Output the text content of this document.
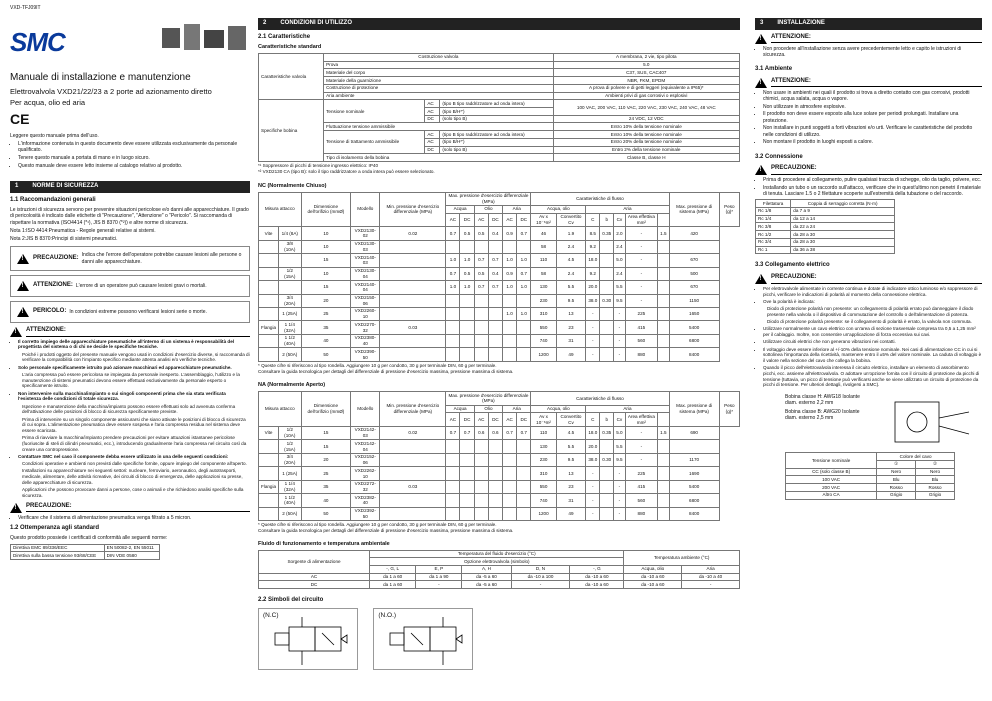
VXD-TFJ09IT
SMC
Manuale di installazione e manutenzione
Elettrovalvola VXD21/22/23 a 2 porte ad azionamento diretto
Per acqua, olio ed aria
CE

Leggere questo manuale prima dell'uso.

• L'informazione contenuta in questo documento deve essere utilizzata esclusivamente da personale qualificato.
• Tenere questo manuale a portata di mano e in luogo sicuro.
• Questo manuale deve essere letto insieme al catalogo relativo al prodotto.
1 NORME DI SICUREZZA
1.1 Raccomandazioni generali

Le istruzioni di sicurezza servono per prevenire situazioni pericolose e/o danni alle apparecchiature. Il grado di pericolosità è indicato dalle etichette di "Precauzione", "Attenzione" o "Pericolo". Si raccomanda di rispettare la normativa (ISO4414 (*¹), JIS B 8370 (*²)) e altre norme di sicurezza.

Nota 1:ISO 4414:Pneumatica - Regole generali relative ai sistemi.

Nota 2:JIS B 8370:Principi di sistemi pneumatici.

!
PRECAUZIONE: Indica che l'errore dell'operatore potrebbe causare lesioni alle persone o danni alle apparecchiature.
!
ATTENZIONE: L'errore di un operatore può causare lesioni gravi o mortali.
!
PERICOLO: In condizioni estreme possono verificarsi lesioni serie o morte.
!
ATTENZIONE:
• Il corretto impiego delle apparecchiature pneumatiche all'interno di un sistema è responsabilità del progettista del sistema o di chi ne decide le specifiche tecniche.
Poiché i prodotti oggetto del presente manuale vengono usati in condizioni d'esercizio diverse, si raccomanda di verificare la compatibilità con l'impianto specifico mediante attenta analisi e/o verifiche tecniche.
• Solo personale specificamente istruito può azionare macchinari ed apparecchiature pneumatiche.
L'aria compressa può essere pericolosa se impiegata da personale inesperto. L'assemblaggio, l'utilizzo e la manutenzione di sistemi pneumatici devono essere effettuati esclusivamente da personale esperto o specificamente istruito.
• Non intervenire sulla macchina/impianto o sui singoli componenti prima che sia stata verificata l'esistenza delle condizioni di totale sicurezza.
Ispezione e manutenzione della macchina/impianto possono essere effettuati solo ad avvenuta conferma dell'attivazione delle posizioni di blocco di sicurezza specificamente previste.
Prima di intervenire su un singolo componente assicurarsi che siano attivate le posizioni di blocco di sicurezza di cui sopra. L'alimentazione pneumatica deve essere sospesa e l'aria compressa residua nel sistema deve essere scaricata.
Prima di riavviare la macchina/impianto prendere precauzioni per evitare attuazioni istantanee pericolose (fuoriuscite di steli di cilindri pneumatici, ecc.), introducendo gradualmente l'aria compressa nel circuito così da creare una contropressione.
• Contattare SMC nel caso il componente debba essere utilizzato in una delle seguenti condizioni:
Condizioni operative e ambienti non previsti dalle specifiche fornite, oppure impiego del componente all'aperto.
Installazioni su apparecchiature nei seguenti settori: nucleare, ferroviario, aeronautico, degli autotrasporti, medicale, alimentare, delle attività ricreative, dei circuiti di blocco di emergenza, delle applicazioni su presse, delle apparecchiature di sicurezza.
Applicazioni che possono provocare danni a persone, cose o animali e che richiedono analisi specifiche sulla sicurezza.
!
PRECAUZIONE:
• Verificare che il sistema di alimentazione pneumatica venga filtrato a 5 micron.
1.2 Ottemperanza agli standard

Questo prodotto possiede i certificati di conformità alle seguenti norme:

Direttiva EMC 89/336/EEC	EN 50082-2, EN 55011
Direttiva sulla bassa tensione 93/68/CEE	DIN VDE 0580
2 CONDIZIONI DI UTILIZZO
2.1 Caratteristiche
Caratteristiche standard
Caratteristiche valvola	Costruzione valvola			A membrana, 2 vie, tipo pilota
	Prova			5.0
	Materiale del corpo			C37, SUS, CAC407
	Materiale della guarnizione			NBR, FKM, EPDM
	Costruzione di protezione			A prova di polvere e di getti leggeri (equivalente a IP65)*
	Aria ambiente			Ambienti privi di gas corrosivi o esplosivi
Specifiche bobina	Tensione nominale	AC	(tipo B tipo raddrizzatore ad onda intera)	100 VAC, 200 VAC, 110 VAC, 220 VAC, 230 VAC, 240 VAC, 48 VAC
		AC	(tipo B/H*')	
		DC	(solo tipo B)	24 VDC, 12 VDC
	Fluttuazione tensione ammissibile			Entro 10% della tensione nominale
	Tensione di trattamento ammissibile	AC	(tipo B tipo raddrizzatore ad onda intera)	Entro 10% della tensione nominale
		AC	(tipo B/H*')	Entro 20% della tensione nominale
		DC	(solo tipo B)	Entro 2% della tensione nominale
	Tipo di isolamento della bobina			Classe B, classe H
*¹ Soppressore di picchi di tensione ingresso elettrico: IP40
*² VXD2130 CA (tipo B): solo il tipo raddrizzatore a onda intera può essere selezionato.
NC (Normalmente Chiuso)
Misura attacco		Dimensione dell'orifizio (mmØ)	Modello	Min. pressione d'esercizio differenziale (MPa)	Max. pressione d'esercizio differenziale (MPa)						Caratteristiche di flusso							Max. pressione di sistema (MPa)	Peso (g)*
					Acqua		Olio		Aria		Acqua, olio		Aria						
					AC	DC	AC	DC	AC	DC	Av x 10⁻⁶m²	Convertito Cv	C	b	Cv	Area effettiva mm²			
Vite	1/4 (8A)	10	VXD2130-02	0.02	0.7	0.5	0.5	0.4	0.9	0.7	46	1.9	8.5	0.35	2.0	-	1.5	420	
	3/8 (10A)	10	VXD2130-03								58	2.4	9.2		2.4	-			
		15	VXD2140-03		1.0	1.0	0.7	0.7	1.0	1.0	110	4.5	18.0		5.0	-		670	
	1/2 (15A)	10	VXD2130-04		0.7	0.5	0.5	0.4	0.9	0.7	58	2.4	9.2		2.4	-		500	
		15	VXD2140-04		1.0	1.0	0.7	0.7	1.0	1.0	130	5.5	20.0		5.5	-		670	
	3/4 (20A)	20	VXD2150-06								230	9.5	38.0	0.30	9.5	-		1150	
	1 (25A)	25	VXD2260-10						1.0	1.0	310	13	-		-	225		1650	
Flangia	1 1/4 (32A)	35	VXD2270-32	0.03							550	23	-		-	415		5400	
	1 1/2 (40A)	40	VXD2380-40								740	31	-		-	560		6800	
	2 (50A)	50	VXD2390-50								1200	49	-		-	880		8400	
* Queste cifre si riferiscono al tipo rondella. Aggiungere 10 g per condotto, 30 g per terminale DIN, 60 g per terminale.
Consultare la guida tecnologica per dettagli del differenziale di pressione d'esercizio massima, pressione massima di sistema.
NA (Normalmente Aperto)
Misura attacco		Dimensione dell'orifizio (mmØ)	Modello	Min. pressione d'esercizio differenziale (MPa)	Max. pressione d'esercizio differenziale (MPa)						Caratteristiche di flusso							Max. pressione di sistema (MPa)	Peso (g)*
					Acqua		Olio		Aria		Acqua, olio		Aria						
					AC	DC	AC	DC	AC	DC	Av x 10⁻⁶m²	Convertito Cv	C	b	Cv	Area effettiva mm²			
Vite	1/2 (10A)	15	VXD2142-03	0.02	0.7	0.7	0.6	0.6	0.7	0.7	110	4.5	18.0	0.35	5.0	-	1.5	690	
	1/2 (15A)	15	VXD2142-04								130	5.5	20.0		5.5	-			
	3/4 (20A)	20	VXD2152-06								230	9.5	38.0	0.30	9.5	-		1170	
	1 (25A)	25	VXD2262-10								310	13	-		-	225		1690	
Flangia	1 1/4 (32A)	35	VXD2272-32	0.03							550	23	-		-	415		5400	
	1 1/2 (40A)	40	VXD2382-40								740	31	-		-	560		6800	
	2 (50A)	50	VXD2392-50								1200	49	-		-	880		8400	
* Queste cifre si riferiscono al tipo rondella. Aggiungere 10 g per condotto, 30 g per terminale DIN, 60 g per terminale.
Consultare la guida tecnologica per dettagli del differenziale di pressione d'esercizio massima, pressione massima di sistema.
Fluido di funzionamento e temperatura ambientale
Sorgente di alimentazione	Temperatura del fluido d'esercizio (°C)					Temperatura ambiente (°C)	
	Opzione elettrovalvola (simbolo)						
	-, G, L	E, P	A, H	D, N	-, G	Acqua, olio	Aria
AC	da 1 a 60	da 1 a 90	da -5 a 60	da -10 a 100	da -10 a 60	da -10 a 60	da -10 a 40
DC	da 1 a 60	-	da -5 a 60	-	da -10 a 60	da -10 a 60	-
2.2 Simboli del circuito
(N.C)
	(N.O.)
3 INSTALLAZIONE
!
ATTENZIONE:
• Non procedere all'installazione senza avere precedentemente letto e capito le istruzioni di sicurezza.
3.1 Ambiente
!
ATTENZIONE:
• Non usare in ambienti nei quali il prodotto si trova a diretto contatto con gas corrosivi, prodotti chimici, acqua salata, acqua o vapore.
• Non utilizzare in atmosfere esplosive.
• Il prodotto non deve essere esposto alla luce solare per periodi prolungati. Installare una protezione.
• Non installare in punti soggetti a forti vibrazioni e/o urti. Verificare le caratteristiche del prodotto nelle condizioni di utilizzo.
• Non montare il prodotto in luoghi esposti a calore.
3.2 Connessione
!
PRECAUZIONE:
• Prima di procedere al collegamento, pulire qualsiasi traccia di schegge, olio da taglio, polvere, ecc.
• Installando un tubo o un raccordo sull'attacco, verificare che in quest'ultimo non penetri il materiale di tenuta. Lasciare 1.5 o 2 filettature scoperte sull'estremità della tubazione o del raccordo.
Filettatura	Coppia di serraggio corretta (N·m)
Rc 1/8	da 7 a 9
Rc 1/4	da 12 a 14
Rc 3/8	da 22 a 24
Rc 1/2	da 28 a 30
Rc 3/4	da 28 a 30
Rc 1	da 36 a 38
3.3 Collegamento elettrico
!
PRECAUZIONE:
• Per elettrovalvole alimentate in corrente continua e dotate di indicatore ottico luminoso e/o soppressore di picchi, verificare le indicazioni di polarità al momento della connessione elettrica.
• Ove la polarità è indicata:
Diodo di protezione polarità non presente: un collegamento di polarità errato può danneggiare il diodo presente nella valvola o il dispositivo di commutazione del controllo o dell'alimentazione di potenza.
Diodo di protezione polarità presente: se il collegamento di polarità è errato, la valvola non commuta.
• Utilizzare normalmente un cavo elettrico con un'area di sezione trasversale compresa tra 0,5 a 1,25 mm² per il cablaggio. Inoltre, non consentire un'applicazione di forza eccessiva sui cavi.
• Utilizzare circuiti elettrici che non generano vibrazioni nei contatti.
• Il voltaggio deve essere inferiore al +/-10% della tensione nominale. Nei casi di alimentazione CC in cui si sottolinea l'importanza della ricettività, mantenere entro il ±5% del valore nominale. La caduta di voltaggio è il valore nella sezione del cavo che collega la bobina.
• Quando il picco dell'elettrovalvola interessa il circuito elettrico, installare un elemento di assorbimento picchi, ecc. assieme all'elettrovalvola. O adottare un'opzione fornita con il circuito di protezione da picchi di tensione (tuttavia, un picco di tensione può verificarsi anche se viene utilizzato un circuito di protezione da picchi di tensione. Per ulteriori dettagli, rivolgersi a SMC).

Bobina classe H: AWG18 Isolante diam. esterno 2,2 mm

Bobina classe B: AWG20 Isolante diam. esterno 2,5 mm

Tensione nominale	Colore del cavo	
	①	②
CC (solo classe B)	Nero	Nero
100 VAC	Blu	Blu
200 VAC	Rosso	Rosso
Altro CA	Grigio	Grigio
